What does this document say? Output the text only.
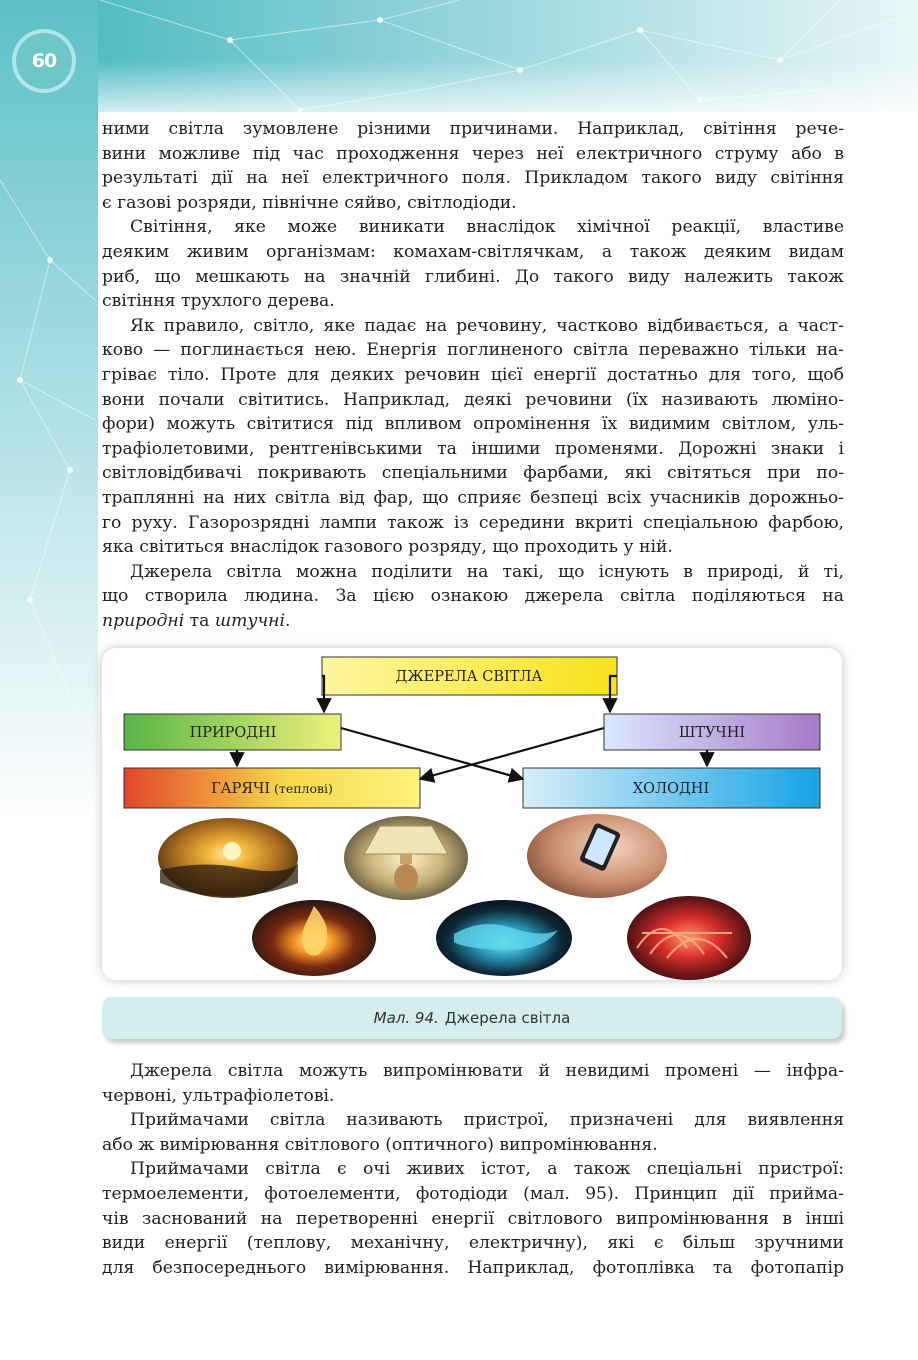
60
ними світла зумовлене різними причинами. Наприклад, світіння рече-
вини можливе під час проходження через неї електричного струму або в
результаті дії на неї електричного поля. Прикладом такого виду світіння
є газові розряди, північне сяйво, світлодіоди.
Світіння, яке може виникати внаслідок хімічної реакції, властиве
деяким живим організмам: комахам-світлячкам, а також деяким видам
риб, що мешкають на значній глибині. До такого виду належить також
світіння трухлого дерева.
Як правило, світло, яке падає на речовину, частково відбивається, а част-
ково — поглинається нею. Енергія поглиненого світла переважно тільки на-
гріває тіло. Проте для деяких речовин цієї енергії достатньо для того, щоб
вони почали світитись. Наприклад, деякі речовини (їх називають люміно-
фори) можуть світитися під впливом опромінення їх видимим світлом, уль-
трафіолетовими, рентгенівськими та іншими променями. Дорожні знаки і
світловідбивачі покривають спеціальними фарбами, які світяться при по-
траплянні на них світла від фар, що сприяє безпеці всіх учасників дорожньо-
го руху. Газорозрядні лампи також із середини вкриті спеціальною фарбою,
яка світиться внаслідок газового розряду, що проходить у ній.
Джерела світла можна поділити на такі, що існують в природі, й ті,
що створила людина. За цією ознакою джерела світла поділяються на
природні та штучні.
ДЖЕРЕЛА СВІТЛА
ПРИРОДНІ	ШТУЧНІ
ГАРЯЧІ (теплові)	ХОЛОДНІ
Мал. 94. Джерела світла
Джерела світла можуть випромінювати й невидимі промені — інфра-
червоні, ультрафіолетові.
Приймачами світла називають пристрої, призначені для виявлення
або ж вимірювання світлового (оптичного) випромінювання.
Приймачами світла є очі живих істот, а також спеціальні пристрої:
термоелементи, фотоелементи, фотодіоди (мал. 95). Принцип дії прийма-
чів заснований на перетворенні енергії світлового випромінювання в інші
види енергії (теплову, механічну, електричну), які є більш зручними
для безпосереднього вимірювання. Наприклад, фотоплівка та фотопапір
